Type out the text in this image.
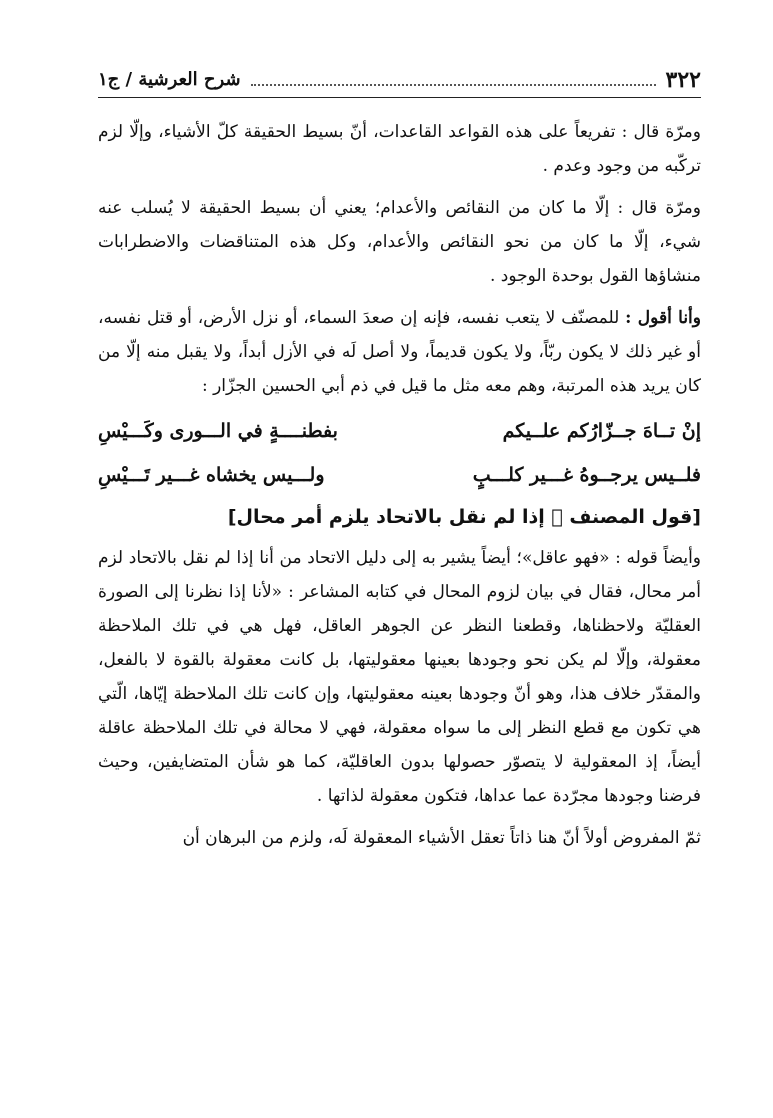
٣٢٢
شرح العرشية / ج١

ومرّة قال : تفريعاً على هذه القواعد القاعدات، أنّ بسيط الحقيقة كلّ الأشياء، وإلّا لزم تركّبه من وجود وعدم .

ومرّة قال : إلّا ما كان من النقائص والأعدام؛ يعني أن بسيط الحقيقة لا يُسلب عنه شيء، إلّا ما كان من نحو النقائص والأعدام، وكل هذه المتناقضات والاضطرابات منشاؤها القول بوحدة الوجود .

وأنا أقول : للمصنّف لا يتعب نفسه، فإنه إن صعدَ السماء، أو نزل الأرض، أو قتل نفسه، أو غير ذلك لا يكون ربّاً، ولا يكون قديماً، ولا أصل لَه في الأزل أبداً، ولا يقبل منه إلّا من كان يريد هذه المرتبة، وهم معه مثل ما قيل في ذم أبي الحسين الجزّار :

إنْ تــاهَ جــزّارُكم علــيكم
بفطنــــةٍ في الـــورى وكَـــيْسِ
فلــيس يرجــوهُ غـــير كلـــبٍ
ولـــيس يخشاه غـــير تَـــيْسِ
[قول المصنف ﷫ إذا لم نقل بالاتحاد يلزم أمر محال]

وأيضاً قوله : «فهو عاقل»؛ أيضاً يشير به إلى دليل الاتحاد من أنا إذا لم نقل بالاتحاد لزم أمر محال، فقال في بيان لزوم المحال في كتابه المشاعر : «لأنا إذا نظرنا إلى الصورة العقليّة ولاحظناها، وقطعنا النظر عن الجوهر العاقل، فهل هي في تلك الملاحظة معقولة، وإلّا لم يكن نحو وجودها بعينها معقوليتها، بل كانت معقولة بالقوة لا بالفعل، والمقدّر خلاف هذا، وهو أنّ وجودها بعينه معقوليتها، وإن كانت تلك الملاحظة إيّاها، الّتي هي تكون مع قطع النظر إلى ما سواه معقولة، فهي لا محالة في تلك الملاحظة عاقلة أيضاً، إذ المعقولية لا يتصوّر حصولها بدون العاقليّة، كما هو شأن المتضايفين، وحيث فرضنا وجودها مجرّدة عما عداها، فتكون معقولة لذاتها .

ثمّ المفروض أولاً أنّ هنا ذاتاً تعقل الأشياء المعقولة لَه، ولزم من البرهان أن
